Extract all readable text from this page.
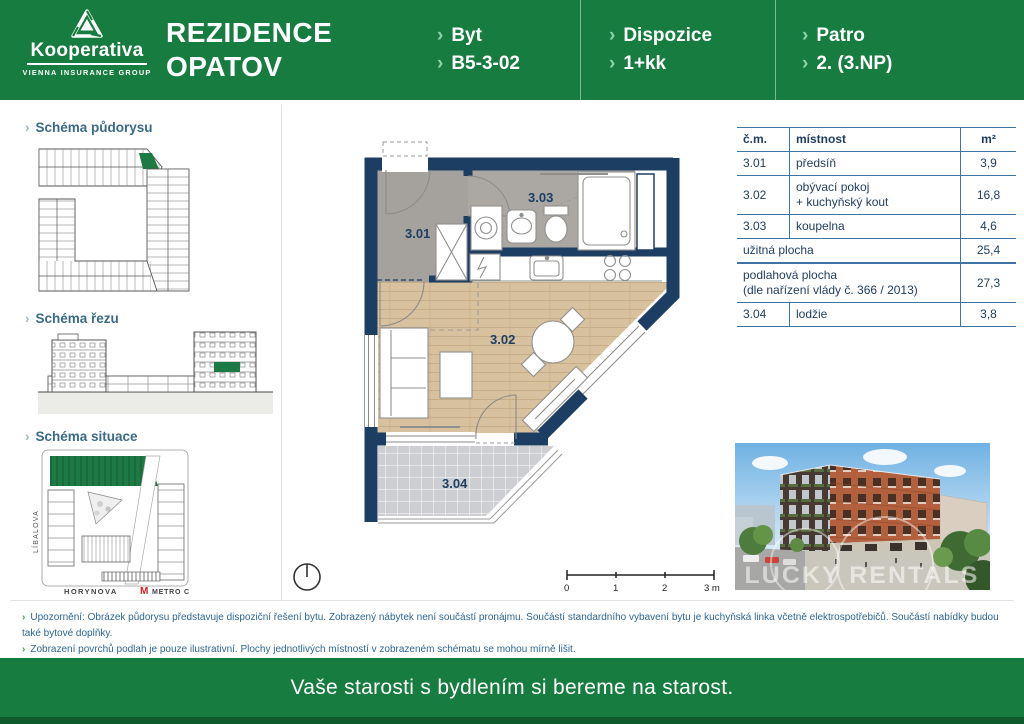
Kooperativa
VIENNA INSURANCE GROUP
REZIDENCE
OPATOV
› Byt
› B5-3-02
› Dispozice
› 1+kk
› Patro
› 2. (3.NP)
› Schéma půdorysu
› Schéma řezu
› Schéma situace
LÍBALOVA
HORYNOVA M METRO C
3.01
3.02
3.03
3.04
0	1	2	3 m
č.m.	místnost	m²
3.01	předsíň	3,9
3.02	obývací pokoj
+ kuchyňský kout	16,8
3.03	koupelna	4,6
užitná plocha		25,4

podlahová plocha
(dle nařízení vlády č. 366 / 2013)		27,3
3.04	lodžie	3,8
LUCKY RENTALS
› Upozornění: Obrázek půdorysu představuje dispoziční řešení bytu. Zobrazený nábytek není součástí pronájmu. Součástí standardního vybavení bytu je kuchyňská linka včetně elektrospotřebičů. Součástí nabídky budou také bytové doplňky.
› Zobrazení povrchů podlah je pouze ilustrativní. Plochy jednotlivých místností v zobrazeném schématu se mohou mírně lišit.
Vaše starosti s bydlením si bereme na starost.
